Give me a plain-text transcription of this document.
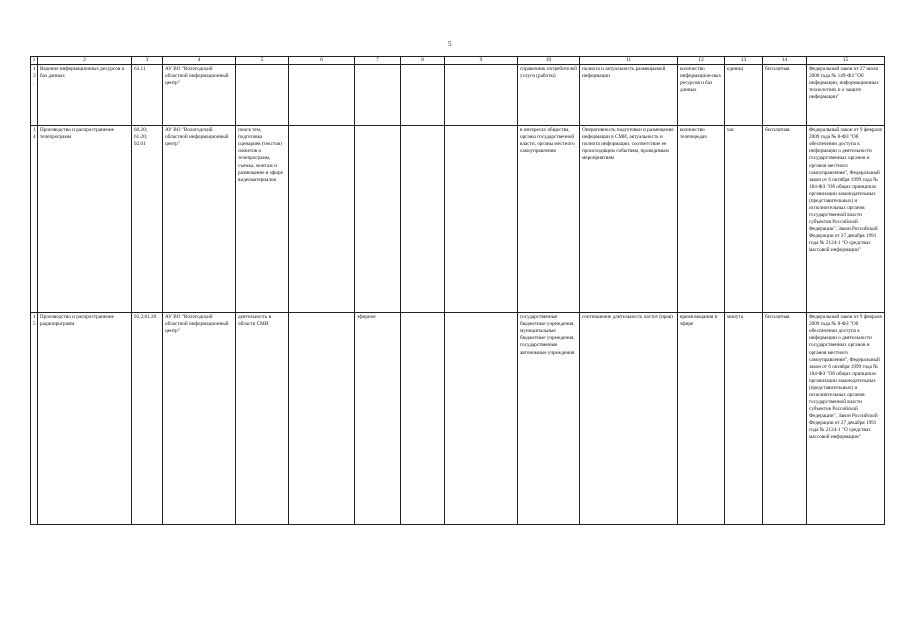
5
1	2	3	4	5	6	7	8	9	10	11	12	13	14	15
13.	Ведение информационных ресурсов и баз данных	63.11	АУ ВО "Вологодский областной информационный центр"						справочник потребителей услуги (работы)	полнота и актуальность размещаемой информации	количество информацион-ных ресурсов и баз данных	единиц	бесплатная	Федеральный закон от 27 июля 2006 года № 149-ФЗ "Об информации, информационных технологиях и о защите информации"
14	Производство и распространение телепрограмм	60.20; 61.20; 92.01	АУ ВО "Вологодский областной информационный центр"	поиск тем, подготовка сценариев (текстов) сюжетов и телепрограмм, съемка, монтаж и размещение в эфире видеоматериалов					в интересах общества, органы государственной власти, органы местного самоуправления	Оперативность подготовки и размещение информации в СМИ, актуальность и полнота информации, соответствие ее происходящим событиям, проводимым мероприятиям	количество телепередач	час	бесплатная	Федеральный закон от 9 февраля 2009 года № 8-ФЗ "Об обеспечении доступа к информации о деятельности государственных органов и органов местного самоуправления", Федеральный закон от 6 октября 1999 года № 184-ФЗ "Об общих принципах организации законодательных (представительных) и исполнительных органов государственной власти субъектов Российской Федерации", Закон Российской Федерации от 27 декабря 1991 года № 2124-1 "О средствах массовой информации"
15	Производство и распространение радиопрограмм	92.2;61.20	АУ ВО "Вологодский областной информационный центр"	деятельность в области СМИ		эфирное			государственные бюджетные учреждения, муниципальные бюджетные учреждения, государственные автономные учреждения	соотношение длительность частот (нрав)	время вещания в эфире	минута	бесплатная	Федеральный закон от 9 февраля 2009 года № 8-ФЗ "Об обеспечении доступа к информации о деятельности государственных органов и органов местного самоуправления", Федеральный закон от 6 октября 1999 года № 184-ФЗ "Об общих принципах организации законодательных (представительных) и исполнительных органов государственной власти субъектов Российской Федерации", Закон Российской Федерации от 27 декабря 1991 года № 2124-1 "О средствах массовой информации"
